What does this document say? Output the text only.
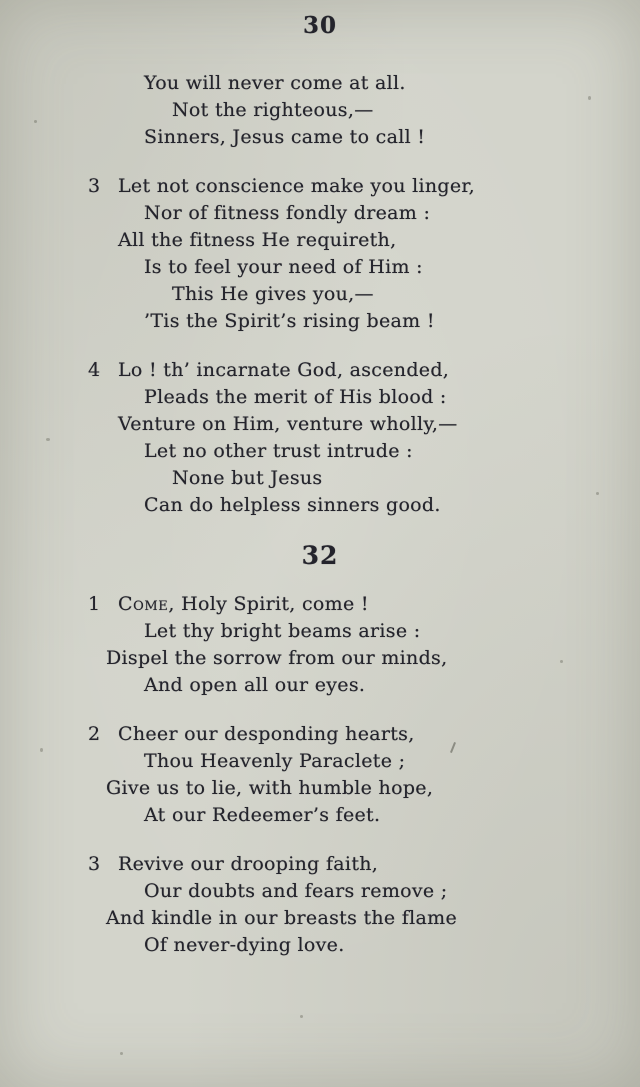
30
You will never come at all.
Not the righteous,—
Sinners, Jesus came to call !
3 Let not conscience make you linger,
Nor of fitness fondly dream :
All the fitness He requireth,
Is to feel your need of Him :
This He gives you,—
’Tis the Spirit’s rising beam !
4 Lo ! th’ incarnate God, ascended,
Pleads the merit of His blood :
Venture on Him, venture wholly,—
Let no other trust intrude :
None but Jesus
Can do helpless sinners good.
32
1 Come, Holy Spirit, come !
Let thy bright beams arise :
Dispel the sorrow from our minds,
And open all our eyes.
2 Cheer our desponding hearts,
Thou Heavenly Paraclete ;
Give us to lie, with humble hope,
At our Redeemer’s feet.
3 Revive our drooping faith,
Our doubts and fears remove ;
And kindle in our breasts the flame
Of never-dying love.
